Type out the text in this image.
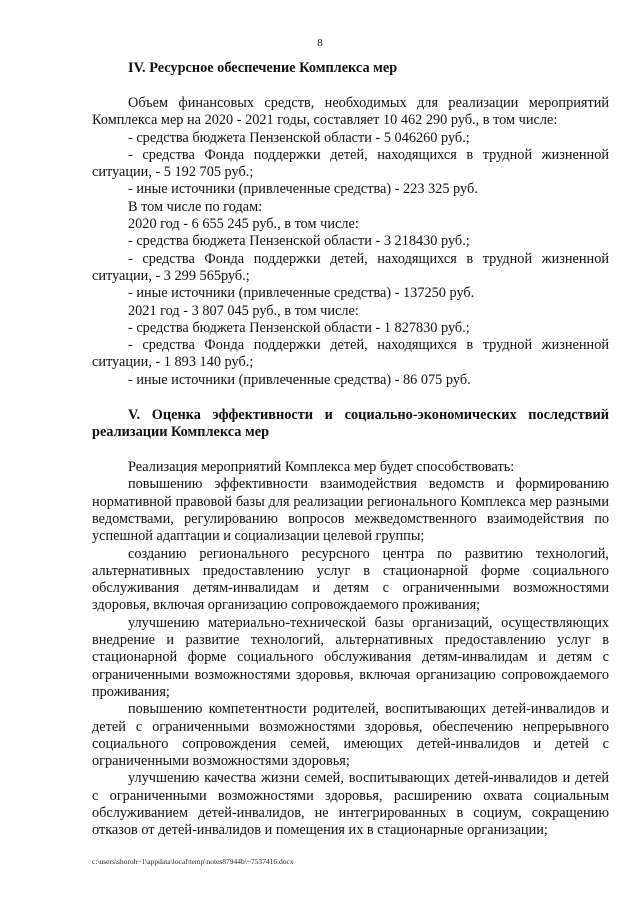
8
IV. Ресурсное обеспечение Комплекса мер

Объем финансовых средств, необходимых для реализации мероприятий Комплекса мер на 2020 - 2021 годы, составляет 10 462 290 руб., в том числе:

- средства бюджета Пензенской области - 5 046260 руб.;

- средства Фонда поддержки детей, находящихся в трудной жизненной ситуации, - 5 192 705 руб.;

- иные источники (привлеченные средства) - 223 325 руб.

В том числе по годам:

2020 год - 6 655 245 руб., в том числе:

- средства бюджета Пензенской области - 3 218430 руб.;

- средства Фонда поддержки детей, находящихся в трудной жизненной ситуации, - 3 299 565руб.;

- иные источники (привлеченные средства) - 137250 руб.

2021 год - 3 807 045 руб., в том числе:

- средства бюджета Пензенской области - 1 827830 руб.;

- средства Фонда поддержки детей, находящихся в трудной жизненной ситуации, - 1 893 140 руб.;

- иные источники (привлеченные средства) - 86 075 руб.

V. Оценка эффективности и социально-экономических последствий реализации Комплекса мер

Реализация мероприятий Комплекса мер будет способствовать:

повышению эффективности взаимодействия ведомств и формированию нормативной правовой базы для реализации регионального Комплекса мер разными ведомствами, регулированию вопросов межведомственного взаимодействия по успешной адаптации и социализации целевой группы;

созданию регионального ресурсного центра по развитию технологий, альтернативных предоставлению услуг в стационарной форме социального обслуживания детям-инвалидам и детям с ограниченными возможностями здоровья, включая организацию сопровождаемого проживания;

улучшению материально-технической базы организаций, осуществляющих внедрение и развитие технологий, альтернативных предоставлению услуг в стационарной форме социального обслуживания детям-инвалидам и детям с ограниченными возможностями здоровья, включая организацию сопровождаемого проживания;

повышению компетентности родителей, воспитывающих детей-инвалидов и детей с ограниченными возможностями здоровья, обеспечению непрерывного социального сопровождения семей, имеющих детей-инвалидов и детей с ограниченными возможностями здоровья;

улучшению качества жизни семей, воспитывающих детей-инвалидов и детей с ограниченными возможностями здоровья, расширению охвата социальным обслуживанием детей-инвалидов, не интегрированных в социум, сокращению отказов от детей-инвалидов и помещения их в стационарные организации;

c:\users\shoroh~1\appdata\local\temp\notes87944b\~7537416.docx
